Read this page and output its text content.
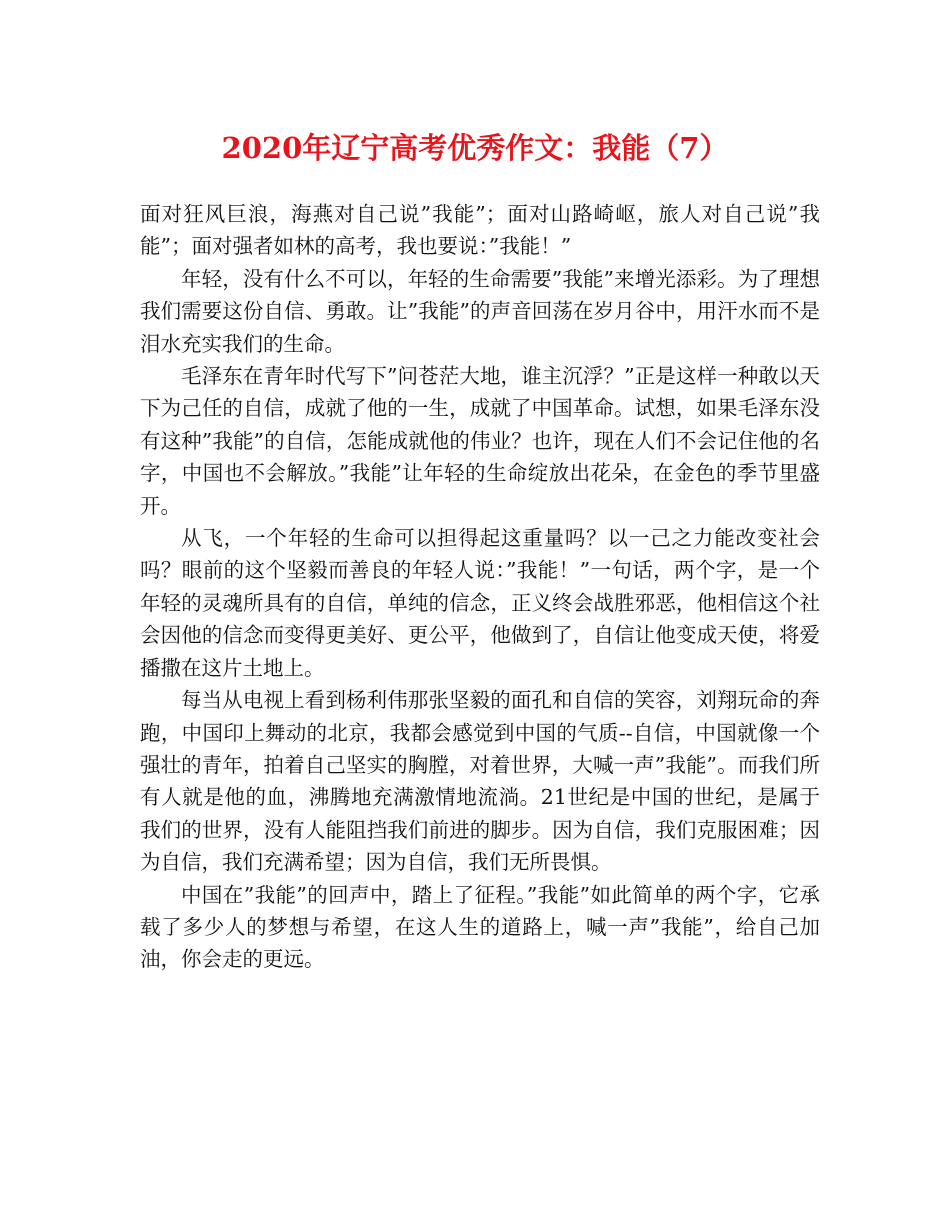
2020年辽宁高考优秀作文：我能（7）

面对狂风巨浪，海燕对自己说”我能”；面对山路崎岖，旅人对自己说”我能”；面对强者如林的高考，我也要说：”我能！”

年轻，没有什么不可以，年轻的生命需要”我能”来增光添彩。为了理想我们需要这份自信、勇敢。让”我能”的声音回荡在岁月谷中，用汗水而不是泪水充实我们的生命。

毛泽东在青年时代写下”问苍茫大地，谁主沉浮？”正是这样一种敢以天下为己任的自信，成就了他的一生，成就了中国革命。试想，如果毛泽东没有这种”我能”的自信，怎能成就他的伟业？也许，现在人们不会记住他的名字，中国也不会解放。”我能”让年轻的生命绽放出花朵，在金色的季节里盛开。

从飞，一个年轻的生命可以担得起这重量吗？以一己之力能改变社会吗？眼前的这个坚毅而善良的年轻人说：”我能！”一句话，两个字，是一个年轻的灵魂所具有的自信，单纯的信念，正义终会战胜邪恶，他相信这个社会因他的信念而变得更美好、更公平，他做到了，自信让他变成天使，将爱播撒在这片土地上。

每当从电视上看到杨利伟那张坚毅的面孔和自信的笑容，刘翔玩命的奔跑，中国印上舞动的北京，我都会感觉到中国的气质--自信，中国就像一个强壮的青年，拍着自己坚实的胸膛，对着世界，大喊一声”我能”。而我们所有人就是他的血，沸腾地充满激情地流淌。21世纪是中国的世纪，是属于我们的世界，没有人能阻挡我们前进的脚步。因为自信，我们克服困难；因为自信，我们充满希望；因为自信，我们无所畏惧。

中国在”我能”的回声中，踏上了征程。”我能”如此简单的两个字，它承载了多少人的梦想与希望，在这人生的道路上，喊一声”我能”，给自己加油，你会走的更远。
